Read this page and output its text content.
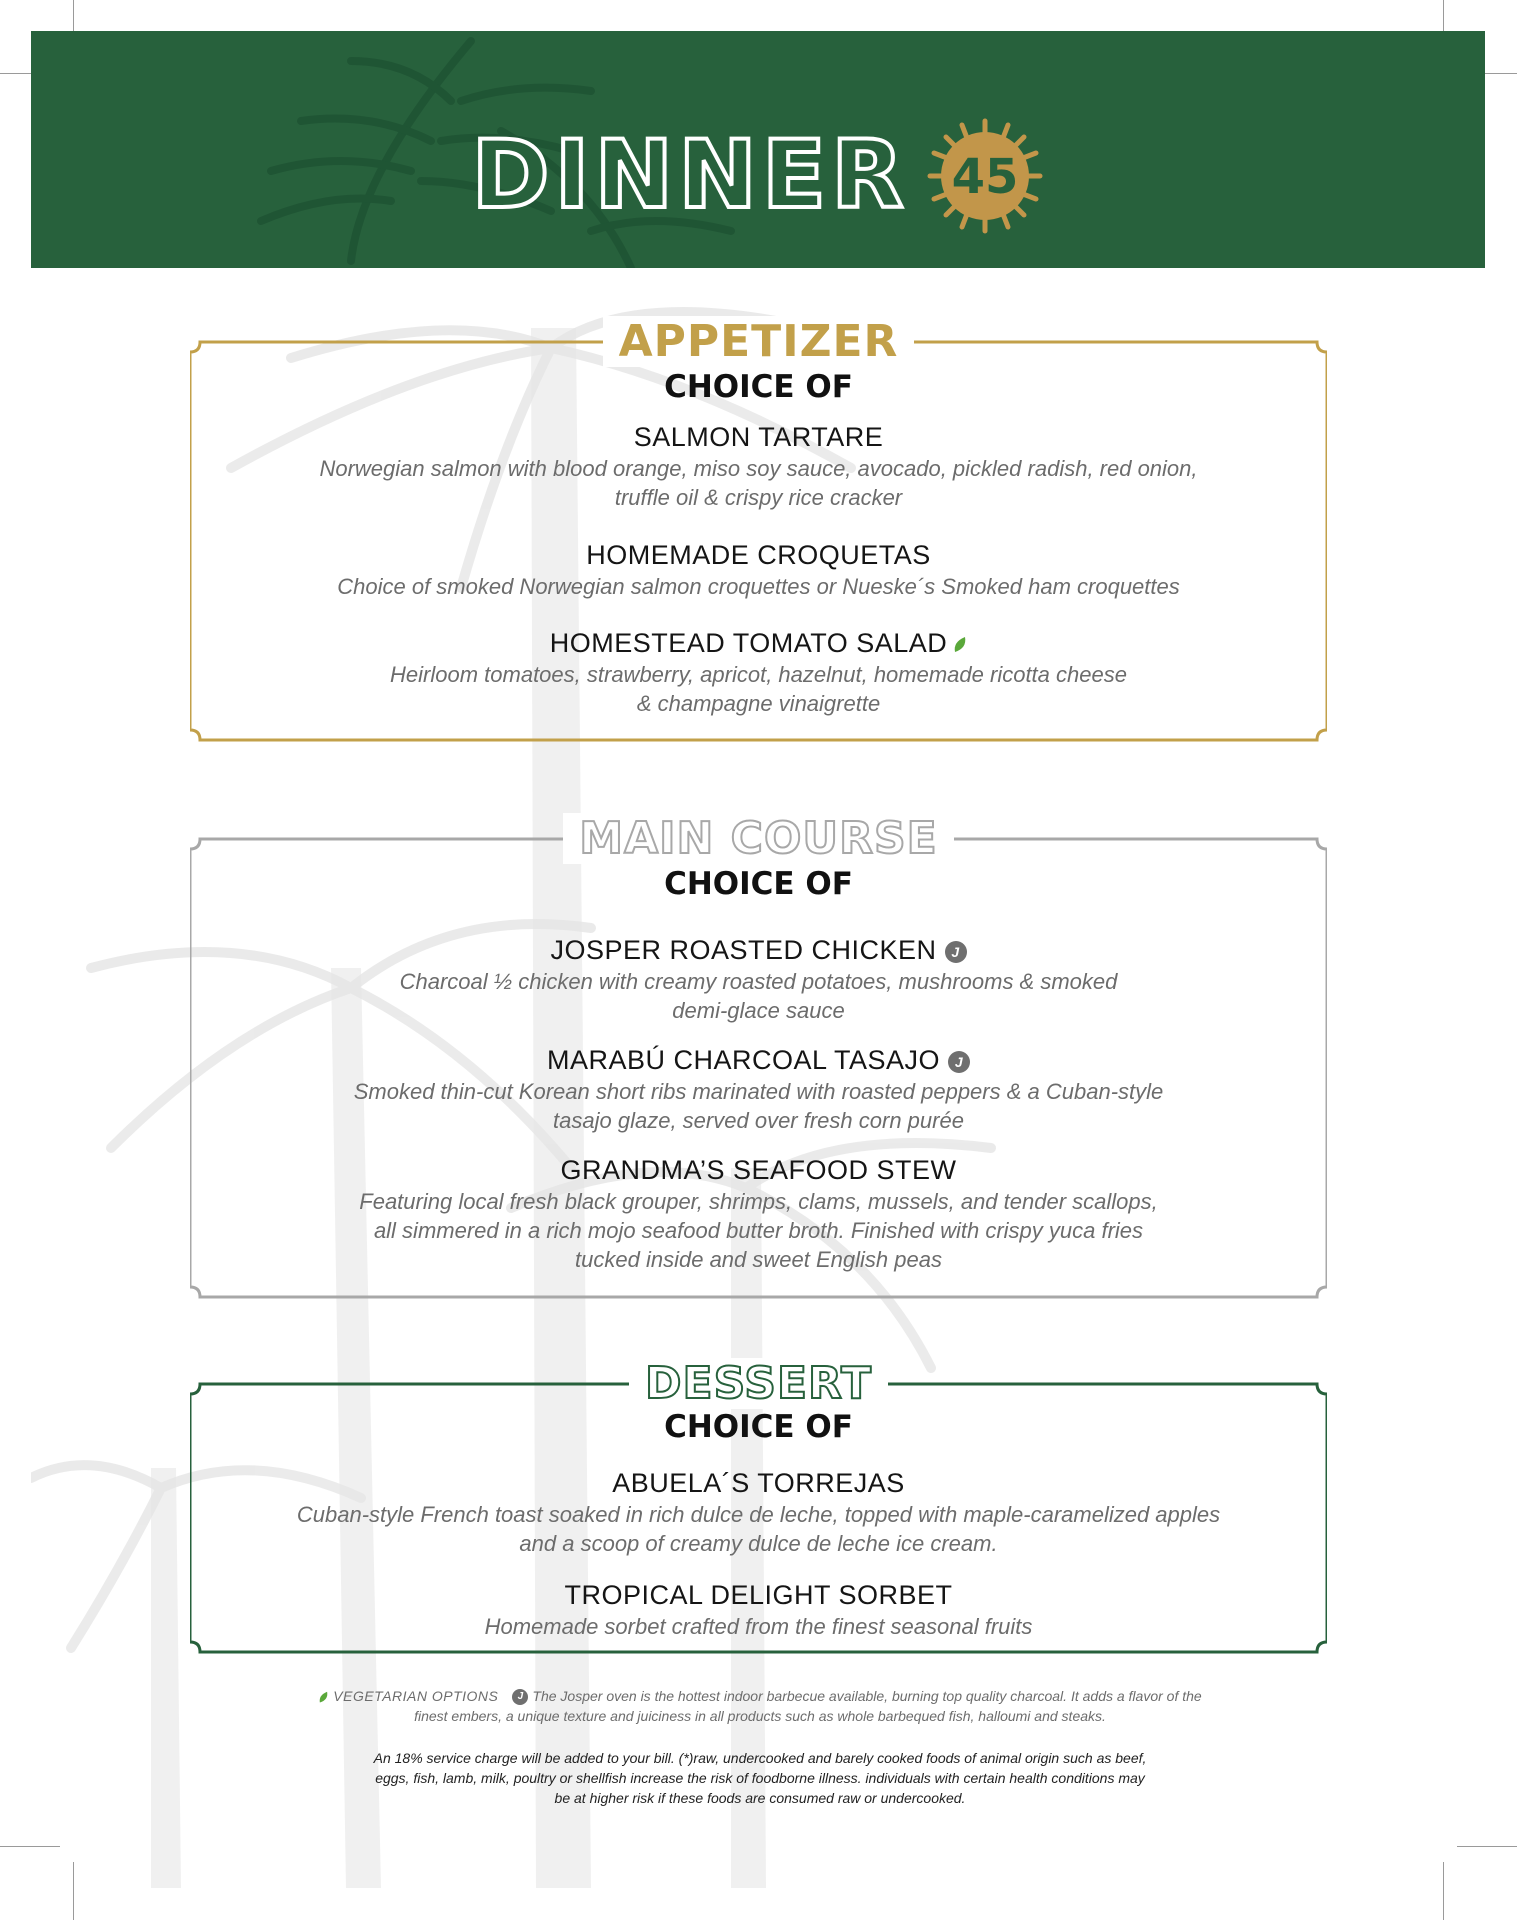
DINNER 45
APPETIZER
CHOICE OF
SALMON TARTARE
Norwegian salmon with blood orange, miso soy sauce, avocado, pickled radish, red onion,
truffle oil & crispy rice cracker
HOMEMADE CROQUETAS
Choice of smoked Norwegian salmon croquettes or Nueske´s Smoked ham croquettes
HOMESTEAD TOMATO SALAD
Heirloom tomatoes, strawberry, apricot, hazelnut, homemade ricotta cheese
& champagne vinaigrette
MAIN COURSE
CHOICE OF
JOSPER ROASTED CHICKEN J
Charcoal ½ chicken with creamy roasted potatoes, mushrooms & smoked
demi-glace sauce
MARABÚ CHARCOAL TASAJO J
Smoked thin-cut Korean short ribs marinated with roasted peppers & a Cuban-style
tasajo glaze, served over fresh corn purée
GRANDMA’S SEAFOOD STEW
Featuring local fresh black grouper, shrimps, clams, mussels, and tender scallops,
all simmered in a rich mojo seafood butter broth. Finished with crispy yuca fries
tucked inside and sweet English peas
DESSERT
CHOICE OF
ABUELA´S TORREJAS
Cuban-style French toast soaked in rich dulce de leche, topped with maple-caramelized apples
and a scoop of creamy dulce de leche ice cream.
TROPICAL DELIGHT SORBET
Homemade sorbet crafted from the finest seasonal fruits
VEGETARIAN OPTIONS J The Josper oven is the hottest indoor barbecue available, burning top quality charcoal. It adds a flavor of the
finest embers, a unique texture and juiciness in all products such as whole barbequed fish, halloumi and steaks.
An 18% service charge will be added to your bill. (*)raw, undercooked and barely cooked foods of animal origin such as beef,
eggs, fish, lamb, milk, poultry or shellfish increase the risk of foodborne illness. individuals with certain health conditions may
be at higher risk if these foods are consumed raw or undercooked.
